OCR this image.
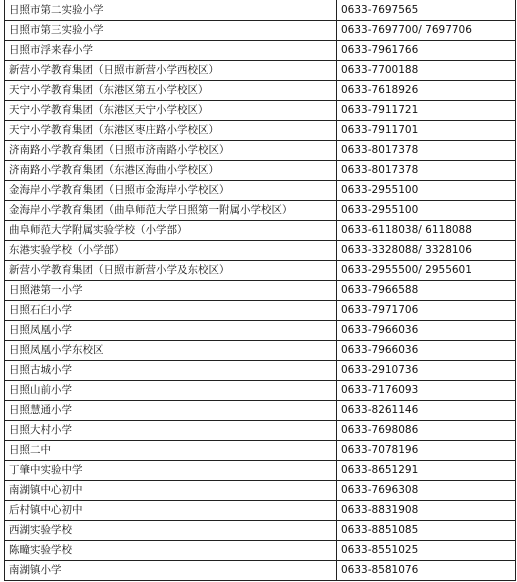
日照市第二实验小学	0633-7697565
日照市第三实验小学	0633-7697700/ 7697706
日照市浮来春小学	0633-7961766
新营小学教育集团（日照市新营小学西校区）	0633-7700188
天宁小学教育集团（东港区第五小学校区）	0633-7618926
天宁小学教育集团（东港区天宁小学校区）	0633-7911721
天宁小学教育集团（东港区枣庄路小学校区）	0633-7911701
济南路小学教育集团（日照市济南路小学校区）	0633-8017378
济南路小学教育集团（东港区海曲小学校区）	0633-8017378
金海岸小学教育集团（日照市金海岸小学校区）	0633-2955100
金海岸小学教育集团（曲阜师范大学日照第一附属小学校区）	0633-2955100
曲阜师范大学附属实验学校（小学部）	0633-6118038/ 6118088
东港实验学校（小学部）	0633-3328088/ 3328106
新营小学教育集团（日照市新营小学及东校区）	0633-2955500/ 2955601
日照港第一小学	0633-7966588
日照石臼小学	0633-7971706
日照凤凰小学	0633-7966036
日照凤凰小学东校区	0633-7966036
日照古城小学	0633-2910736
日照山前小学	0633-7176093
日照慧通小学	0633-8261146
日照大村小学	0633-7698086
日照二中	0633-7078196
丁肇中实验中学	0633-8651291
南湖镇中心初中	0633-7696308
后村镇中心初中	0633-8831908
西湖实验学校	0633-8851085
陈疃实验学校	0633-8551025
南湖镇小学	0633-8581076
